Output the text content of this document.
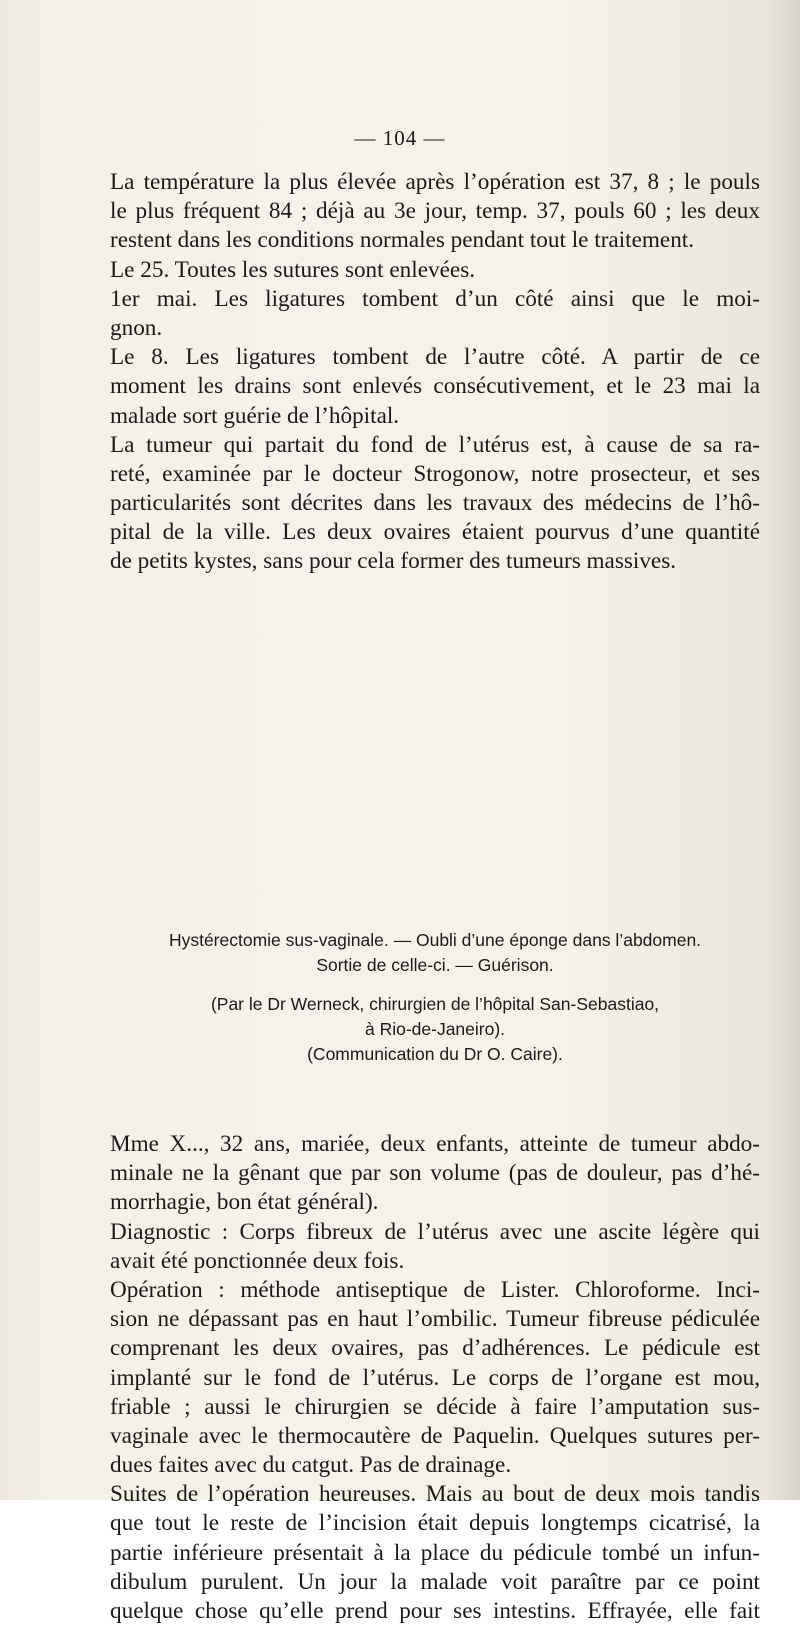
— 104 —
La température la plus élevée après l’opération est 37, 8 ; le pouls
le plus fréquent 84 ; déjà au 3e jour, temp. 37, pouls 60 ; les deux
restent dans les conditions normales pendant tout le traitement.
Le 25. Toutes les sutures sont enlevées.
1er mai. Les ligatures tombent d’un côté ainsi que le moi-
gnon.
Le 8. Les ligatures tombent de l’autre côté. A partir de ce
moment les drains sont enlevés consécutivement, et le 23 mai la
malade sort guérie de l’hôpital.
La tumeur qui partait du fond de l’utérus est, à cause de sa ra-
reté, examinée par le docteur Strogonow, notre prosecteur, et ses
particularités sont décrites dans les travaux des médecins de l’hô-
pital de la ville. Les deux ovaires étaient pourvus d’une quantité
de petits kystes, sans pour cela former des tumeurs massives.
Hystérectomie sus-vaginale. — Oubli d’une éponge dans l’abdomen.
Sortie de celle-ci. — Guérison.
(Par le Dr Werneck, chirurgien de l’hôpital San-Sebastiao,
à Rio-de-Janeiro).
(Communication du Dr O. Caire).
Mme X..., 32 ans, mariée, deux enfants, atteinte de tumeur abdo-
minale ne la gênant que par son volume (pas de douleur, pas d’hé-
morrhagie, bon état général).
Diagnostic : Corps fibreux de l’utérus avec une ascite légère qui
avait été ponctionnée deux fois.
Opération : méthode antiseptique de Lister. Chloroforme. Inci-
sion ne dépassant pas en haut l’ombilic. Tumeur fibreuse pédiculée
comprenant les deux ovaires, pas d’adhérences. Le pédicule est
implanté sur le fond de l’utérus. Le corps de l’organe est mou,
friable ; aussi le chirurgien se décide à faire l’amputation sus-
vaginale avec le thermocautère de Paquelin. Quelques sutures per-
dues faites avec du catgut. Pas de drainage.
Suites de l’opération heureuses. Mais au bout de deux mois tandis
que tout le reste de l’incision était depuis longtemps cicatrisé, la
partie inférieure présentait à la place du pédicule tombé un infun-
dibulum purulent. Un jour la malade voit paraître par ce point
quelque chose qu’elle prend pour ses intestins. Effrayée, elle fait
